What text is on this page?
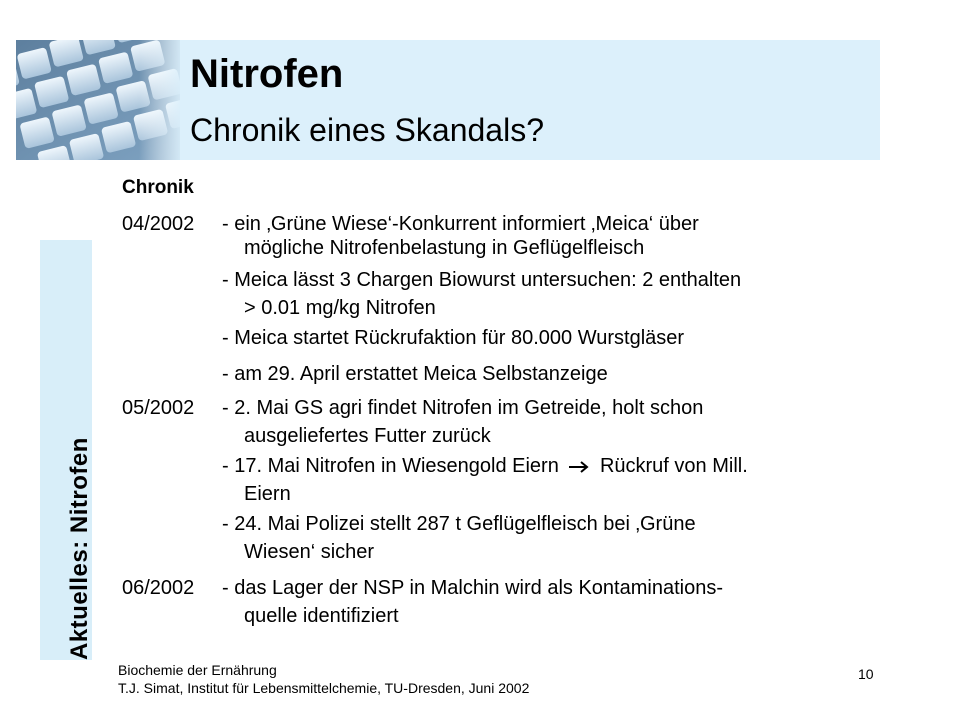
Nitrofen
Chronik eines Skandals?
Aktuelles: Nitrofen
Chronik
04/2002 - ein ‚Grüne Wiese‘-Konkurrent informiert ‚Meica‘ über
mögliche Nitrofenbelastung in Geflügelfleisch
- Meica lässt 3 Chargen Biowurst untersuchen: 2 enthalten
> 0.01 mg/kg Nitrofen
- Meica startet Rückrufaktion für 80.000 Wurstgläser
- am 29. April erstattet Meica Selbstanzeige
05/2002 - 2. Mai GS agri findet Nitrofen im Getreide, holt schon
ausgeliefertes Futter zurück
- 17. Mai Nitrofen in Wiesengold Eiern Rückruf von Mill.
Eiern
- 24. Mai Polizei stellt 287 t Geflügelfleisch bei ‚Grüne
Wiesen‘ sicher
06/2002 - das Lager der NSP in Malchin wird als Kontaminations-
quelle identifiziert
Biochemie der Ernährung
T.J. Simat, Institut für Lebensmittelchemie, TU-Dresden, Juni 2002
10
